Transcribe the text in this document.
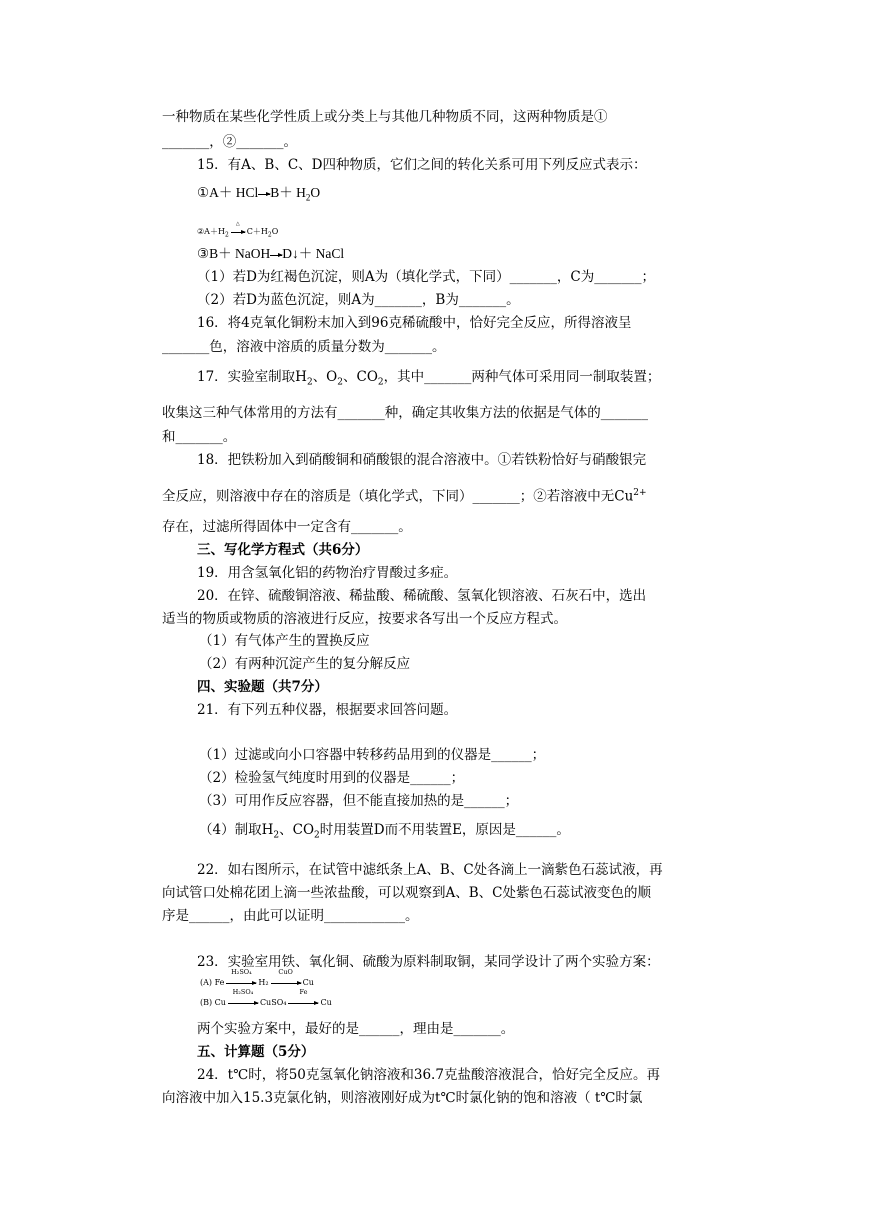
一种物质在某些化学性质上或分类上与其他几种物质不同，这两种物质是①
_______，②_______。
15．有A、B、C、D四种物质，它们之间的转化关系可用下列反应式表示：
①A＋ HCl $B+ H_2O$
$②A+H_2$
△
$C+H_2O$
③B＋ NaOH D↓＋ NaCl
（1）若D为红褐色沉淀，则A为（填化学式，下同）_______，C为_______；
（2）若D为蓝色沉淀，则A为_______，B为_______。
16．将4克氧化铜粉末加入到96克稀硫酸中，恰好完全反应，所得溶液呈
_______色，溶液中溶质的质量分数为_______。
17．实验室制取$H_2$、$O_2$、$CO_2$，其中_______两种气体可采用同一制取装置；
收集这三种气体常用的方法有_______种，确定其收集方法的依据是气体的_______
和_______。
18．把铁粉加入到硝酸铜和硝酸银的混合溶液中。①若铁粉恰好与硝酸银完
全反应，则溶液中存在的溶质是（填化学式，下同）_______；②若溶液中无$Cu^{2+}$
存在，过滤所得固体中一定含有_______。
三、写化学方程式（共6分）
19．用含氢氧化铝的药物治疗胃酸过多症。
20．在锌、硫酸铜溶液、稀盐酸、稀硫酸、氢氧化钡溶液、石灰石中，选出
适当的物质或物质的溶液进行反应，按要求各写出一个反应方程式。
（1）有气体产生的置换反应
（2）有两种沉淀产生的复分解反应
四、实验题（共7分）
21．有下列五种仪器，根据要求回答问题。
（1）过滤或向小口容器中转移药品用到的仪器是______；
（2）检验氢气纯度时用到的仪器是______；
（3）可用作反应容器，但不能直接加热的是______；
（4）制取$H_2$、$CO_2$时用装置D而不用装置E，原因是______。
22．如右图所示，在试管中滤纸条上A、B、C处各滴上一滴紫色石蕊试液，再
向试管口处棉花团上滴一些浓盐酸，可以观察到A、B、C处紫色石蕊试液变色的顺
序是______，由此可以证明____________。
23．实验室用铁、氧化铜、硫酸为原料制取铜，某同学设计了两个实验方案：
(A) Fe
H₂SO₄
H₂
CuO
Cu
(B) Cu
H₂SO₄
CuSO₄
Fe
Cu
两个实验方案中，最好的是______，理由是_______。
五、计算题（5分）
24．t℃时，将50克氢氧化钠溶液和36.7克盐酸溶液混合，恰好完全反应。再
向溶液中加入15.3克氯化钠，则溶液刚好成为t℃时氯化钠的饱和溶液（ t℃时氯
